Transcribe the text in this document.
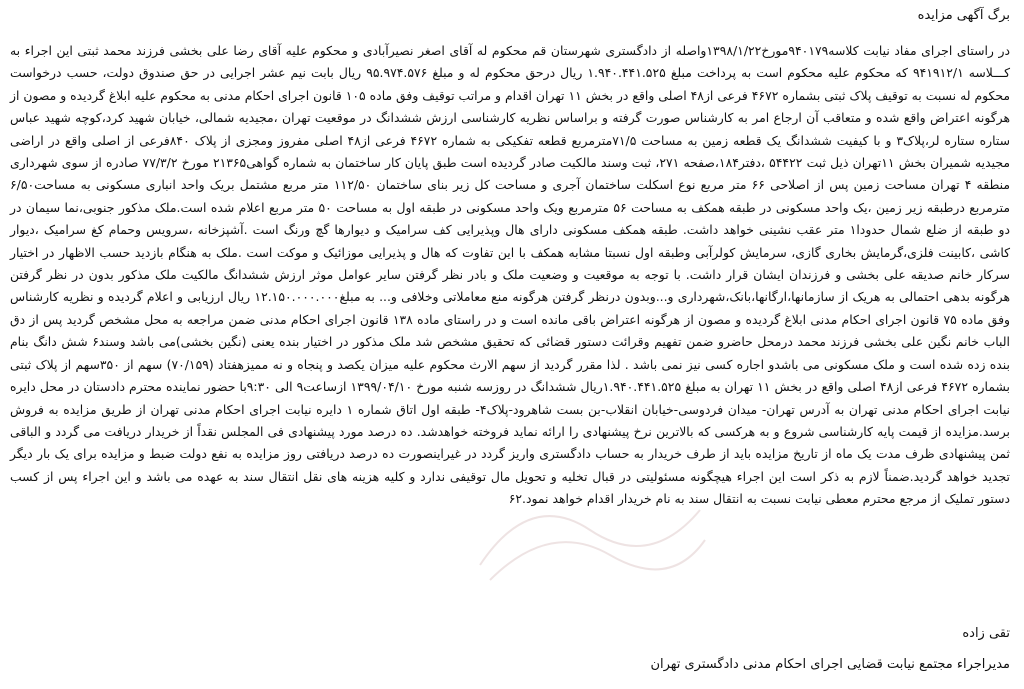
برگ آگهی مزایده

در راستای اجرای مفاد نیابت کلاسه۹۴۰۱۷۹مورخ۱۳۹۸/۱/۲۲واصله از دادگستری شهرستان قم محکوم له آقای اصغر نصیرآبادی و محکوم علیه آقای رضا علی بخشی فرزند محمد ثبتی این اجراء به کـــلاسه ۹۴۱۹۱۲/۱ که محکوم علیه محکوم است به پرداخت مبلغ ۱.۹۴۰.۴۴۱.۵۲۵ ریال درحق محکوم له و مبلغ ۹۵.۹۷۴.۵۷۶ ریال بابت نیم عشر اجرایی در حق صندوق دولت، حسب درخواست محکوم له نسبت به توقیف پلاک ثبتی بشماره ۴۶۷۲ فرعی از۴۸ اصلی واقع در بخش ۱۱ تهران اقدام و مراتب توقیف وفق ماده ۱۰۵ قانون اجرای احکام مدنی به محکوم علیه ابلاغ گردیده و مصون از هرگونه اعتراض واقع شده و متعاقب آن ارجاع امر به کارشناس صورت گرفته و براساس نظریه کارشناسی ارزش ششدانگ در موقعیت تهران ،مجیدیه شمالی، خیابان شهید کرد،کوچه شهید عباس ستاره ستاره لر،پلاک۳ و با کیفیت ششدانگ یک قطعه زمین به مساحت ۷۱/۵مترمربع قطعه تفکیکی به شماره ۴۶۷۲ فرعی از۴۸ اصلی مفروز ومجزی از پلاک ۸۴۰فرعی از اصلی واقع در اراضی مجیدیه شمیران بخش ۱۱تهران ذیل ثبت ۵۴۴۲۲ ،دفتر۱۸۴،صفحه ۲۷۱، ثبت وسند مالکیت صادر گردیده است طبق پایان کار ساختمان به شماره گواهی۲۱۳۶۵ مورخ ۷۷/۳/۲ صادره از سوی شهرداری منطقه ۴ تهران مساحت زمین پس از اصلاحی ۶۶ متر مربع نوع اسکلت ساختمان آجری و مساحت کل زیر بنای ساختمان ۱۱۲/۵۰ متر مربع مشتمل بریک واحد انباری مسکونی به مساحت۶/۵۰ مترمربع درطبقه زیر زمین ،یک واحد مسکونی در طبقه همکف به مساحت ۵۶ مترمربع ویک واحد مسکونی در طبقه اول به مساحت ۵۰ متر مربع اعلام شده است.ملک مذکور جنوبی،نما سیمان در دو طبقه از ضلع شمال حدودا۱ متر عقب نشینی خواهد داشت. طبقه همکف مسکونی دارای هال وپذیرایی کف سرامیک و دیوارها گچ ورنگ است .آشپزخانه ،سرویس وحمام کغ سرامیک ،دیوار کاشی ،کابینت فلزی،گرمایش بخاری گازی، سرمایش کولرآبی وطبقه اول نسبتا مشابه همکف با این تفاوت که هال و پذیرایی موزائیک و موکت است .ملک به هنگام بازدید حسب الاظهار در اختیار سرکار خانم صدیقه علی بخشی و فرزندان ایشان قرار داشت. با توجه به موقعیت و وضعیت ملک و بادر نظر گرفتن سایر عوامل موثر ارزش ششدانگ مالکیت ملک مذکور بدون در نظر گرفتن هرگونه بدهی احتمالی به هریک از سازمانها،ارگانها،بانک،شهرداری و...وبدون درنظر گرفتن هرگونه منع معاملاتی وخلافی و... به مبلغ۱۲.۱۵۰.۰۰۰.۰۰۰ ریال ارزیابی و اعلام گردیده و نظریه کارشناس وفق ماده ۷۵ قانون اجرای احکام مدنی ابلاغ گردیده و مصون از هرگونه اعتراض باقی مانده است و در راستای ماده ۱۳۸ قانون اجرای احکام مدنی ضمن مراجعه به محل مشخص گردید پس از دق الباب خانم نگین علی بخشی فرزند محمد درمحل حاضرو ضمن تفهیم وقرائت دستور قضائی که تحقیق مشخص شد ملک مذکور در اختیار بنده یعنی (نگین بخشی)می باشد وسند۶ شش دانگ بنام بنده زده شده است و ملک مسکونی می باشدو اجاره کسی نیز نمی باشد . لذا مقرر گردید از سهم الارث محکوم علیه میزان یکصد و پنجاه و نه ممیزهفتاد (۷۰/۱۵۹) سهم از ۳۵۰سهم از پلاک ثبتی بشماره ۴۶۷۲ فرعی از۴۸ اصلی واقع در بخش ۱۱ تهران به مبلغ ۱.۹۴۰.۴۴۱.۵۲۵ریال ششدانگ در روزسه شنبه مورخ ۱۳۹۹/۰۴/۱۰ ازساعت۹ الی ۹:۳۰با حضور نماینده محترم دادستان در محل دایره نیابت اجرای احکام مدنی تهران به آدرس تهران- میدان فردوسی-خیابان انقلاب-بن بست شاهرود-پلاک۴- طبقه اول اتاق شماره ۱ دایره نیابت اجرای احکام مدنی تهران از طریق مزایده به فروش برسد.مزایده از قیمت پایه کارشناسی شروع و به هرکسی که بالاترین نرخ پیشنهادی را ارائه نماید فروخته خواهدشد. ده درصد مورد پیشنهادی فی المجلس نقداً از خریدار دریافت می گردد و الباقی ثمن پیشنهادی ظرف مدت یک ماه از تاریخ مزایده باید از طرف خریدار به حساب دادگستری واریز گردد در غیراینصورت ده درصد دریافتی روز مزایده به نفع دولت ضبط و مزایده برای یک بار دیگر تجدید خواهد گردید.ضمناً لازم به ذکر است این اجراء هیچگونه مسئولیتی در قبال تخلیه و تحویل مال توقیفی ندارد و کلیه هزینه های نقل انتقال سند به عهده می باشد و این اجراء پس از کسب دستور تملیک از مرجع محترم معطی نیابت نسبت به انتقال سند به نام خریدار اقدام خواهد نمود.۶۲

تقی زاده

مدیراجراء مجتمع نیابت قضایی اجرای احکام مدنی دادگستری تهران
